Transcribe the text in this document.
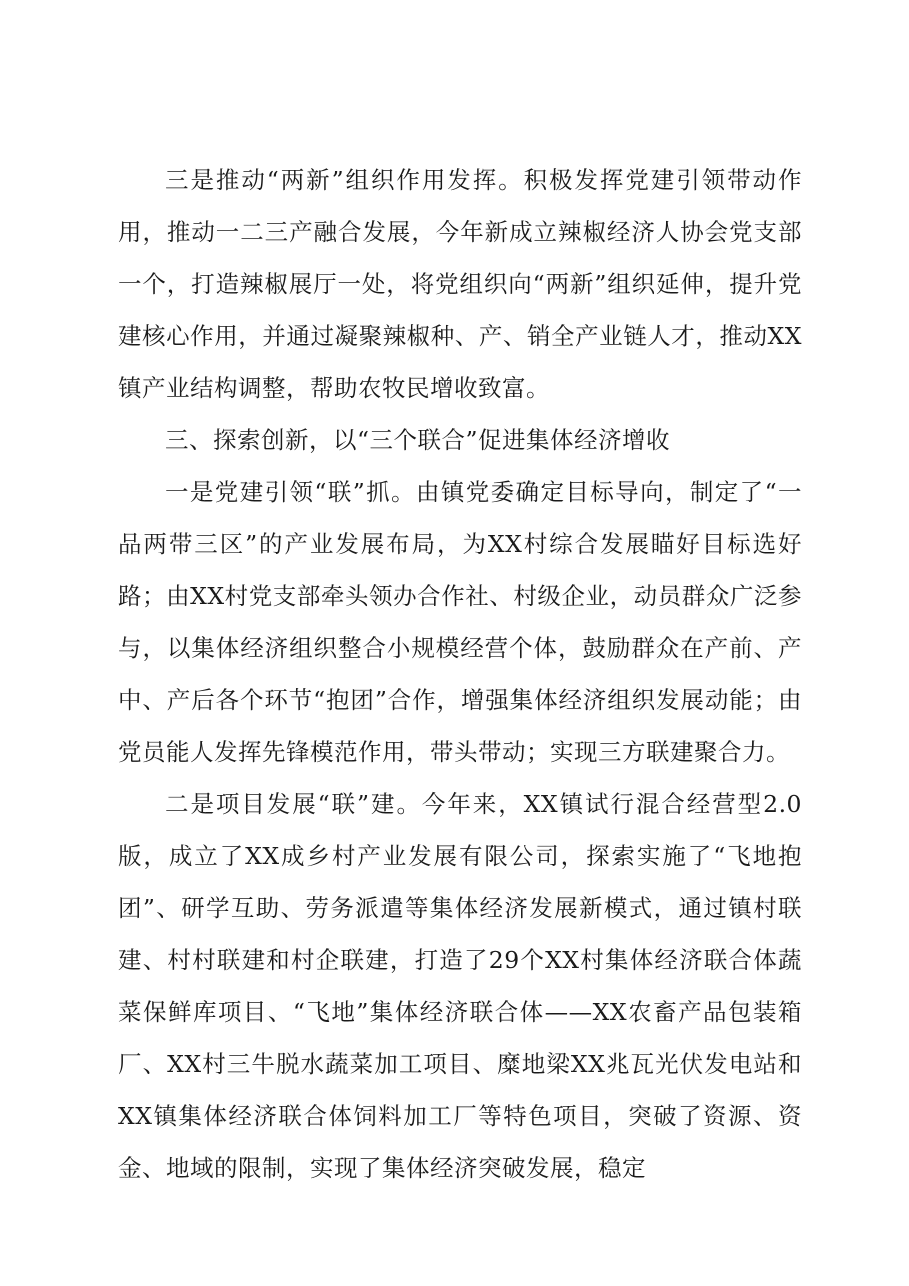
三是推动“两新”组织作用发挥。积极发挥党建引领带动作用，推动一二三产融合发展，今年新成立辣椒经济人协会党支部一个，打造辣椒展厅一处，将党组织向“两新”组织延伸，提升党建核心作用，并通过凝聚辣椒种、产、销全产业链人才，推动XX镇产业结构调整，帮助农牧民增收致富。

三、探索创新，以“三个联合”促进集体经济增收

一是党建引领“联”抓。由镇党委确定目标导向，制定了“一品两带三区”的产业发展布局，为XX村综合发展瞄好目标选好路；由XX村党支部牵头领办合作社、村级企业，动员群众广泛参与，以集体经济组织整合小规模经营个体，鼓励群众在产前、产中、产后各个环节“抱团”合作，增强集体经济组织发展动能；由党员能人发挥先锋模范作用，带头带动；实现三方联建聚合力。

二是项目发展“联”建。今年来，XX镇试行混合经营型2.0版，成立了XX成乡村产业发展有限公司，探索实施了“飞地抱团”、研学互助、劳务派遣等集体经济发展新模式，通过镇村联建、村村联建和村企联建，打造了29个XX村集体经济联合体蔬菜保鲜库项目、“飞地”集体经济联合体——XX农畜产品包装箱厂、XX村三牛脱水蔬菜加工项目、糜地梁XX兆瓦光伏发电站和XX镇集体经济联合体饲料加工厂等特色项目，突破了资源、资金、地域的限制，实现了集体经济突破发展，稳定
